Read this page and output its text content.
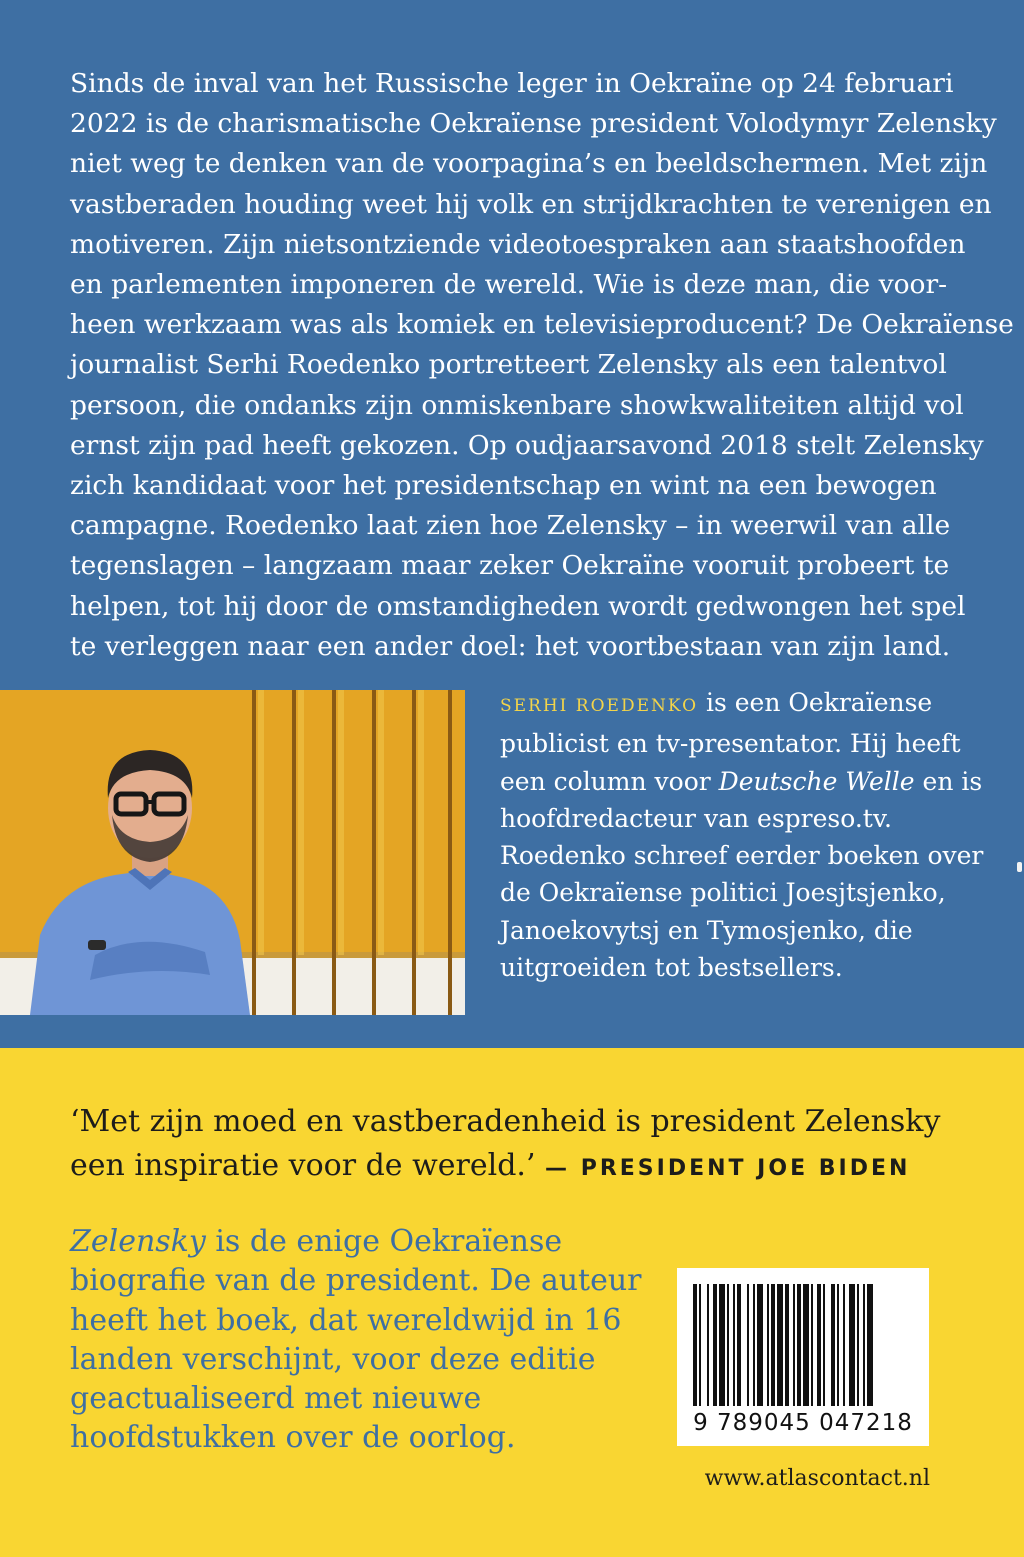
Sinds de inval van het Russische leger in Oekraïne op 24 februari
2022 is de charismatische Oekraïense president Volodymyr Zelensky
niet weg te denken van de voorpagina’s en beeldschermen. Met zijn
vastberaden houding weet hij volk en strijdkrachten te verenigen en
motiveren. Zijn nietsontziende videotoespraken aan staatshoofden
en parlementen imponeren de wereld. Wie is deze man, die voor-
heen werkzaam was als komiek en televisieproducent? De Oekraïense
journalist Serhi Roedenko portretteert Zelensky als een talentvol
persoon, die ondanks zijn onmiskenbare showkwaliteiten altijd vol
ernst zijn pad heeft gekozen. Op oudjaarsavond 2018 stelt Zelensky
zich kandidaat voor het presidentschap en wint na een bewogen
campagne. Roedenko laat zien hoe Zelensky – in weerwil van alle
tegenslagen – langzaam maar zeker Oekraïne vooruit probeert te
helpen, tot hij door de omstandigheden wordt gedwongen het spel
te verleggen naar een ander doel: het voortbestaan van zijn land.

SERHI ROEDENKO is een Oekraïense
publicist en tv-presentator. Hij heeft
een column voor Deutsche Welle en is
hoofdredacteur van espreso.tv.
Roedenko schreef eerder boeken over
de Oekraïense politici Joesjtsjenko,
Janoekovytsj en Tymosjenko, die
uitgroeiden tot bestsellers.

‘Met zijn moed en vastberadenheid is president Zelensky
een inspiratie voor de wereld.’ — PRESIDENT JOE BIDEN

Zelensky is de enige Oekraïense
biografie van de president. De auteur
heeft het boek, dat wereldwijd in 16
landen verschijnt, voor deze editie
geactualiseerd met nieuwe
hoofdstukken over de oorlog.	9 789045 047218

www.atlascontact.nl
